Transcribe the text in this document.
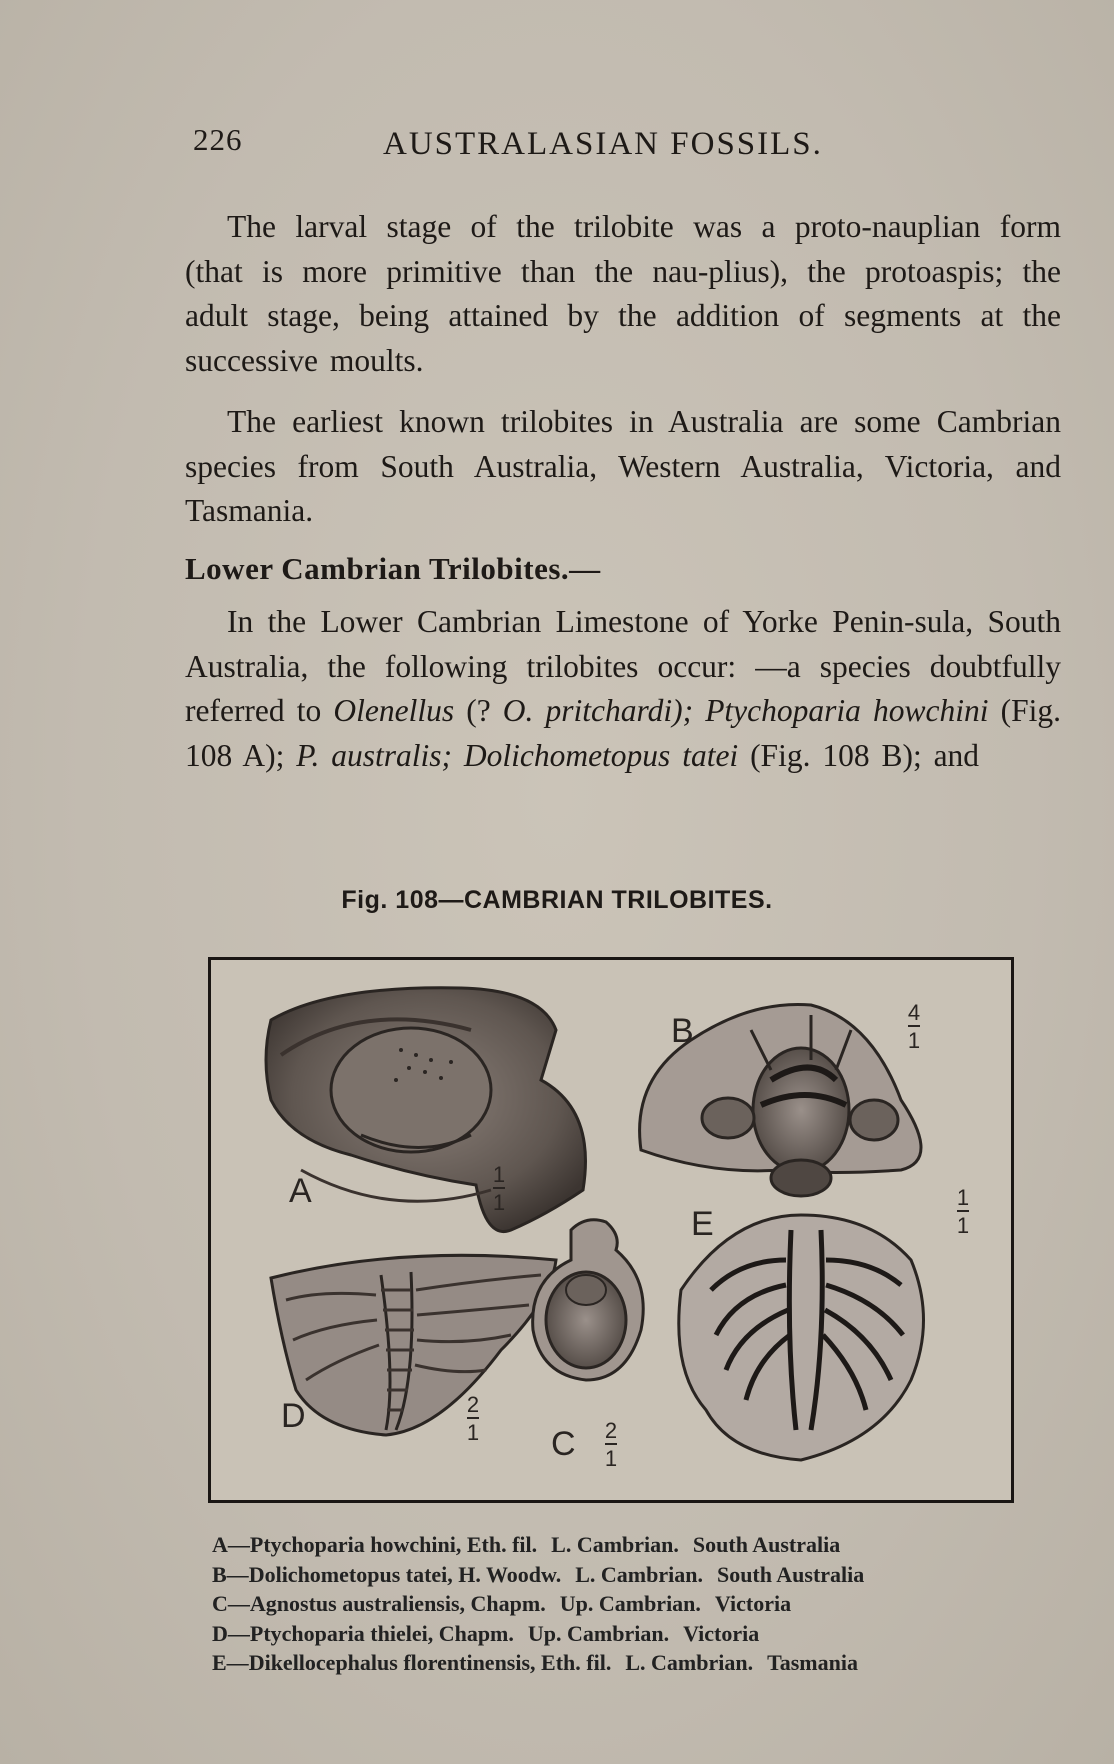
226	AUSTRALASIAN FOSSILS.

The larval stage of the trilobite was a proto-nauplian form (that is more primitive than the nau-plius), the protoaspis; the adult stage, being attained by the addition of segments at the successive moults.

The earliest known trilobites in Australia are some Cambrian species from South Australia, Western Australia, Victoria, and Tasmania.

Lower Cambrian Trilobites.—

In the Lower Cambrian Limestone of Yorke Penin-sula, South Australia, the following trilobites occur: —a species doubtfully referred to Olenellus (? O. pritchardi); Ptychoparia howchini (Fig. 108 A); P. australis; Dolichometopus tatei (Fig. 108 B); and

Fig. 108—CAMBRIAN TRILOBITES.
A	1
1
B	4
1
D	2
1 C 2
1
E
1
1
A—Ptychoparia howchini, Eth. fil. L. Cambrian. South Australia
B—Dolichometopus tatei, H. Woodw. L. Cambrian. South Australia
C—Agnostus australiensis, Chapm. Up. Cambrian. Victoria
D—Ptychoparia thielei, Chapm. Up. Cambrian. Victoria
E—Dikellocephalus florentinensis, Eth. fil. L. Cambrian. Tasmania
